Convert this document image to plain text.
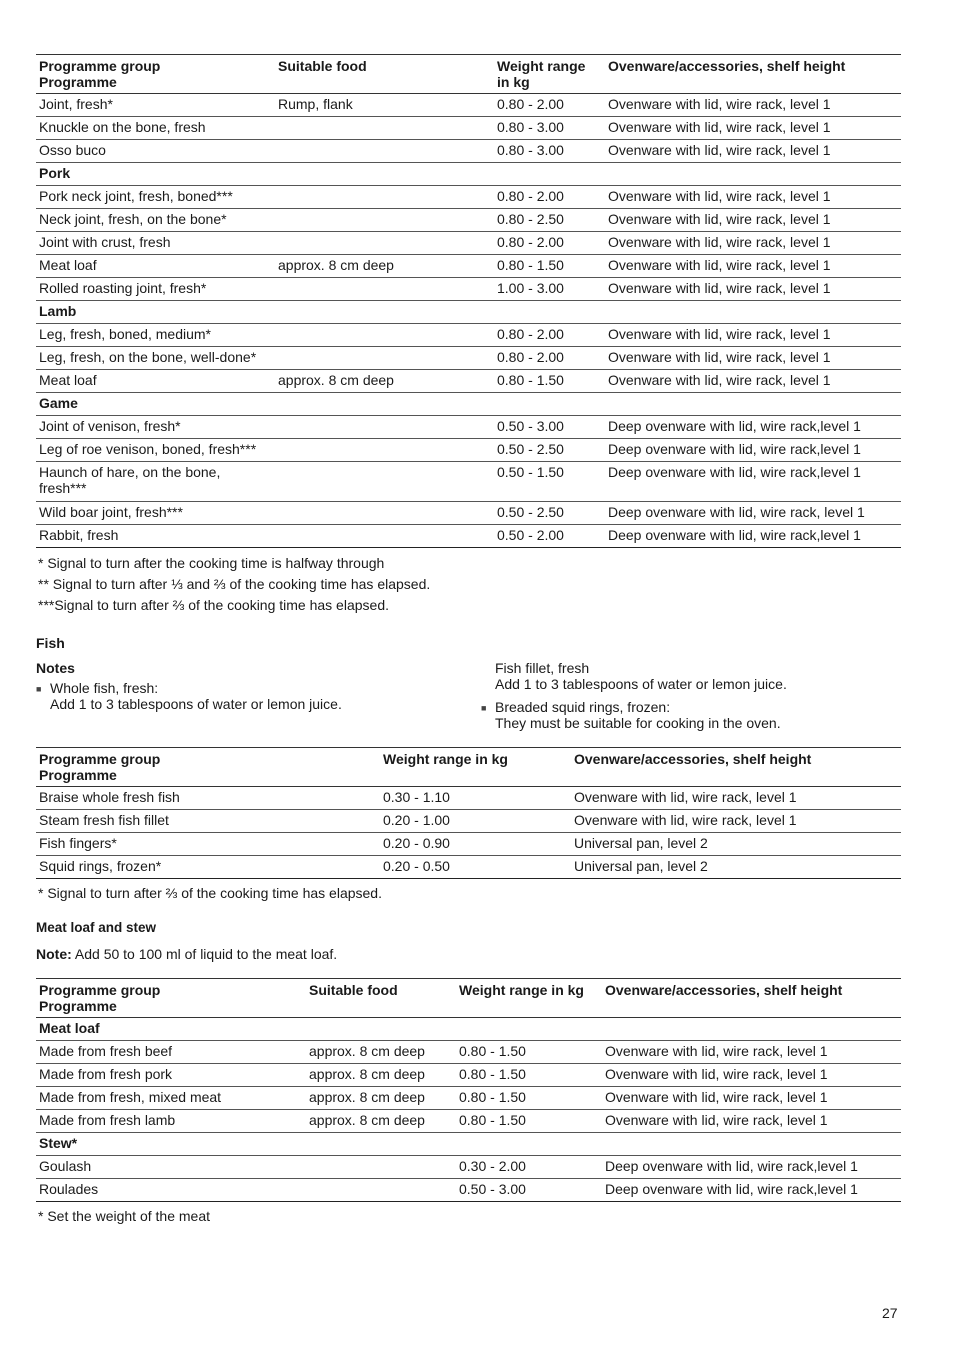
Programme group
Programme	Suitable food	Weight range
in kg	Ovenware/accessories, shelf height
Joint, fresh*	Rump, flank	0.80 - 2.00	Ovenware with lid, wire rack, level 1
Knuckle on the bone, fresh		0.80 - 3.00	Ovenware with lid, wire rack, level 1
Osso buco		0.80 - 3.00	Ovenware with lid, wire rack, level 1
Pork			
Pork neck joint, fresh, boned***		0.80 - 2.00	Ovenware with lid, wire rack, level 1
Neck joint, fresh, on the bone*		0.80 - 2.50	Ovenware with lid, wire rack, level 1
Joint with crust, fresh		0.80 - 2.00	Ovenware with lid, wire rack, level 1
Meat loaf	approx. 8 cm deep	0.80 - 1.50	Ovenware with lid, wire rack, level 1
Rolled roasting joint, fresh*		1.00 - 3.00	Ovenware with lid, wire rack, level 1
Lamb			
Leg, fresh, boned, medium*		0.80 - 2.00	Ovenware with lid, wire rack, level 1
Leg, fresh, on the bone, well-done*		0.80 - 2.00	Ovenware with lid, wire rack, level 1
Meat loaf	approx. 8 cm deep	0.80 - 1.50	Ovenware with lid, wire rack, level 1
Game			
Joint of venison, fresh*		0.50 - 3.00	Deep ovenware with lid, wire rack,level 1
Leg of roe venison, boned, fresh***		0.50 - 2.50	Deep ovenware with lid, wire rack,level 1
Haunch of hare, on the bone,
fresh***		0.50 - 1.50	Deep ovenware with lid, wire rack,level 1
Wild boar joint, fresh***		0.50 - 2.50	Deep ovenware with lid, wire rack, level 1
Rabbit, fresh		0.50 - 2.00	Deep ovenware with lid, wire rack,level 1
* Signal to turn after the cooking time is halfway through
** Signal to turn after ⅓ and ⅔ of the cooking time has elapsed.
***Signal to turn after ⅔ of the cooking time has elapsed.
Fish
Notes
■ Whole fish, fresh:
Add 1 to 3 tablespoons of water or lemon juice.
Fish fillet, fresh
Add 1 to 3 tablespoons of water or lemon juice.
■ Breaded squid rings, frozen:
They must be suitable for cooking in the oven.
Programme group
Programme	Weight range in kg	Ovenware/accessories, shelf height
Braise whole fresh fish	0.30 - 1.10	Ovenware with lid, wire rack, level 1
Steam fresh fish fillet	0.20 - 1.00	Ovenware with lid, wire rack, level 1
Fish fingers*	0.20 - 0.90	Universal pan, level 2
Squid rings, frozen*	0.20 - 0.50	Universal pan, level 2
* Signal to turn after ⅔ of the cooking time has elapsed.
Meat loaf and stew
Note: Add 50 to 100 ml of liquid to the meat loaf.
Programme group
Programme	Suitable food	Weight range in kg	Ovenware/accessories, shelf height
Meat loaf			
Made from fresh beef	approx. 8 cm deep	0.80 - 1.50	Ovenware with lid, wire rack, level 1
Made from fresh pork	approx. 8 cm deep	0.80 - 1.50	Ovenware with lid, wire rack, level 1
Made from fresh, mixed meat	approx. 8 cm deep	0.80 - 1.50	Ovenware with lid, wire rack, level 1
Made from fresh lamb	approx. 8 cm deep	0.80 - 1.50	Ovenware with lid, wire rack, level 1
Stew*			
Goulash		0.30 - 2.00	Deep ovenware with lid, wire rack,level 1
Roulades		0.50 - 3.00	Deep ovenware with lid, wire rack,level 1
* Set the weight of the meat
27
